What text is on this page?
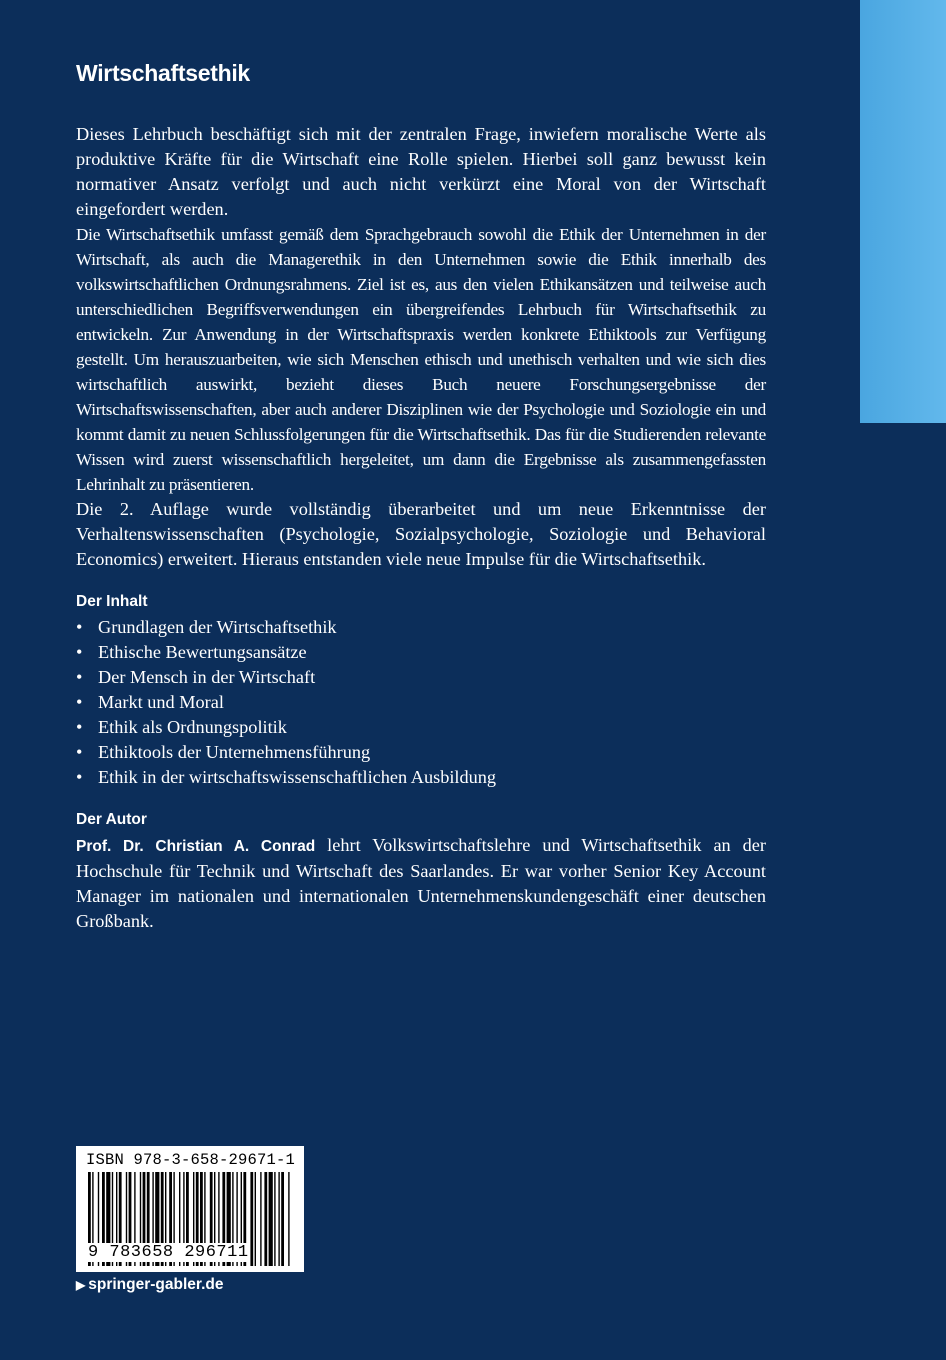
Wirtschaftsethik

Dieses Lehrbuch beschäftigt sich mit der zentralen Frage, inwiefern moralische Werte als produktive Kräfte für die Wirtschaft eine Rolle spielen. Hierbei soll ganz bewusst kein normativer Ansatz verfolgt und auch nicht verkürzt eine Moral von der Wirtschaft eingefordert werden.

Die Wirtschaftsethik umfasst gemäß dem Sprachgebrauch sowohl die Ethik der Unternehmen in der Wirtschaft, als auch die Managerethik in den Unternehmen sowie die Ethik innerhalb des volkswirtschaftlichen Ordnungsrahmens. Ziel ist es, aus den vielen Ethikansätzen und teilweise auch unterschiedlichen Begriffsverwendungen ein übergreifendes Lehrbuch für Wirtschaftsethik zu entwickeln. Zur Anwendung in der Wirtschaftspraxis werden konkrete Ethiktools zur Verfügung gestellt. Um herauszuarbeiten, wie sich Menschen ethisch und unethisch verhalten und wie sich dies wirtschaftlich auswirkt, bezieht dieses Buch neuere Forschungsergebnisse der Wirtschaftswissenschaften, aber auch anderer Disziplinen wie der Psychologie und Soziologie ein und kommt damit zu neuen Schlussfolgerungen für die Wirtschaftsethik. Das für die Studierenden relevante Wissen wird zuerst wissenschaftlich hergeleitet, um dann die Ergebnisse als zusammengefassten Lehrinhalt zu präsentieren.

Die 2. Auflage wurde vollständig überarbeitet und um neue Erkenntnisse der Verhaltenswissenschaften (Psychologie, Sozialpsychologie, Soziologie und Behavioral Economics) erweitert. Hieraus entstanden viele neue Impulse für die Wirtschaftsethik.

Der Inhalt
• Grundlagen der Wirtschaftsethik
• Ethische Bewertungsansätze
• Der Mensch in der Wirtschaft
• Markt und Moral
• Ethik als Ordnungspolitik
• Ethiktools der Unternehmensführung
• Ethik in der wirtschaftswissenschaftlichen Ausbildung
Der Autor

Prof. Dr. Christian A. Conrad lehrt Volkswirtschaftslehre und Wirtschaftsethik an der Hochschule für Technik und Wirtschaft des Saarlandes. Er war vorher Senior Key Account Manager im nationalen und internationalen Unternehmenskundengeschäft einer deutschen Großbank.

ISBN 978-3-658-29671-1
9 783658 296711
▶ springer-gabler.de
